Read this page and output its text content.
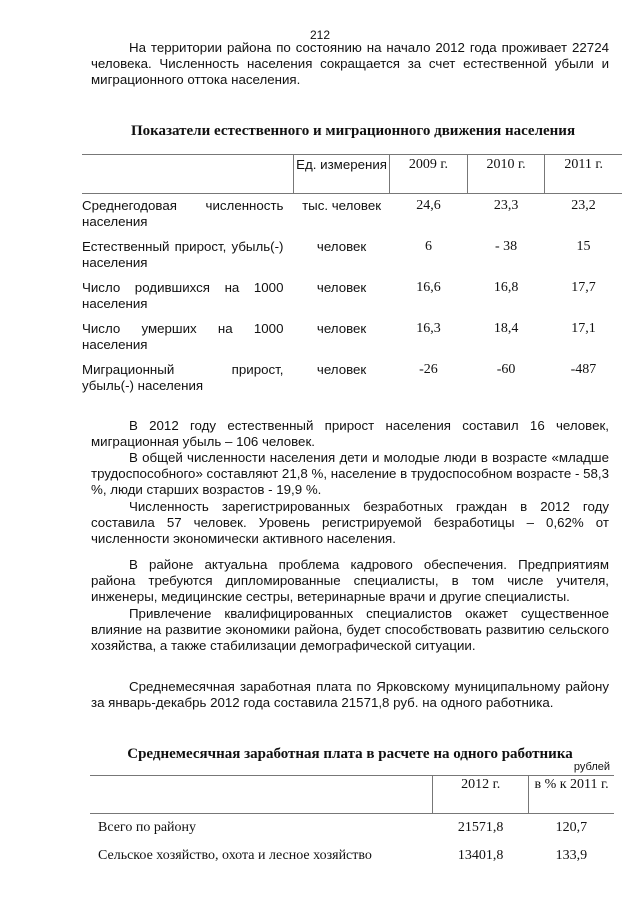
212

На территории района по состоянию на начало 2012 года проживает 22724 человека. Численность населения сокращается за счет естественной убыли и миграционного оттока населения.

Показатели естественного и миграционного движения населения
	Ед. измерения	2009 г.	2010 г.	2011 г.
Среднегодовая численность населения	тыс. человек	24,6	23,3	23,2
Естественный прирост, убыль(-) населения	человек	6	- 38	15
Число родившихся на 1000 населения	человек	16,6	16,8	17,7
Число умерших на 1000 населения	человек	16,3	18,4	17,1
Миграционный прирост, убыль(-) населения	человек	-26	-60	-487

В 2012 году естественный прирост населения составил 16 человек, миграционная убыль – 106 человек.

В общей численности населения дети и молодые люди в возрасте «младше трудоспособного» составляют 21,8 %, население в трудоспособном возрасте - 58,3 %, люди старших возрастов - 19,9 %.

Численность зарегистрированных безработных граждан в 2012 году составила 57 человек. Уровень регистрируемой безработицы – 0,62% от численности экономически активного населения.

В районе актуальна проблема кадрового обеспечения. Предприятиям района требуются дипломированные специалисты, в том числе учителя, инженеры, медицинские сестры, ветеринарные врачи и другие специалисты.

Привлечение квалифицированных специалистов окажет существенное влияние на развитие экономики района, будет способствовать развитию сельского хозяйства, а также стабилизации демографической ситуации.

Среднемесячная заработная плата по Ярковскому муниципальному району за январь-декабрь 2012 года составила 21571,8 руб. на одного работника.

Среднемесячная заработная плата в расчете на одного работника
рублей
	2012 г.	в % к 2011 г.
Всего по району	21571,8	120,7
Сельское хозяйство, охота и лесное хозяйство	13401,8	133,9
